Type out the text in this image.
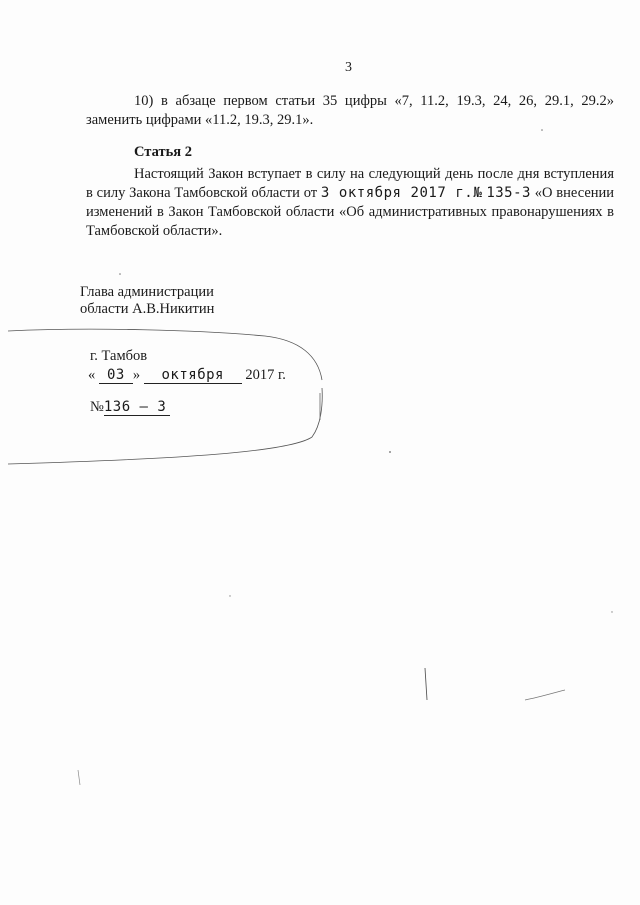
3
10) в абзаце первом статьи 35 цифры «7, 11.2, 19.3, 24, 26, 29.1, 29.2» заменить цифрами «11.2, 19.3, 29.1».
Статья 2
Настоящий Закон вступает в силу на следующий день после дня вступления в силу Закона Тамбовской области от 3 октября 2017 г.№ 135-З «О внесении изменений в Закон Тамбовской области «Об административных правонарушениях в Тамбовской области».
Глава администрации
области А.В.Никитин
г. Тамбов
« 03 » октября 2017 г.
№136 – З
